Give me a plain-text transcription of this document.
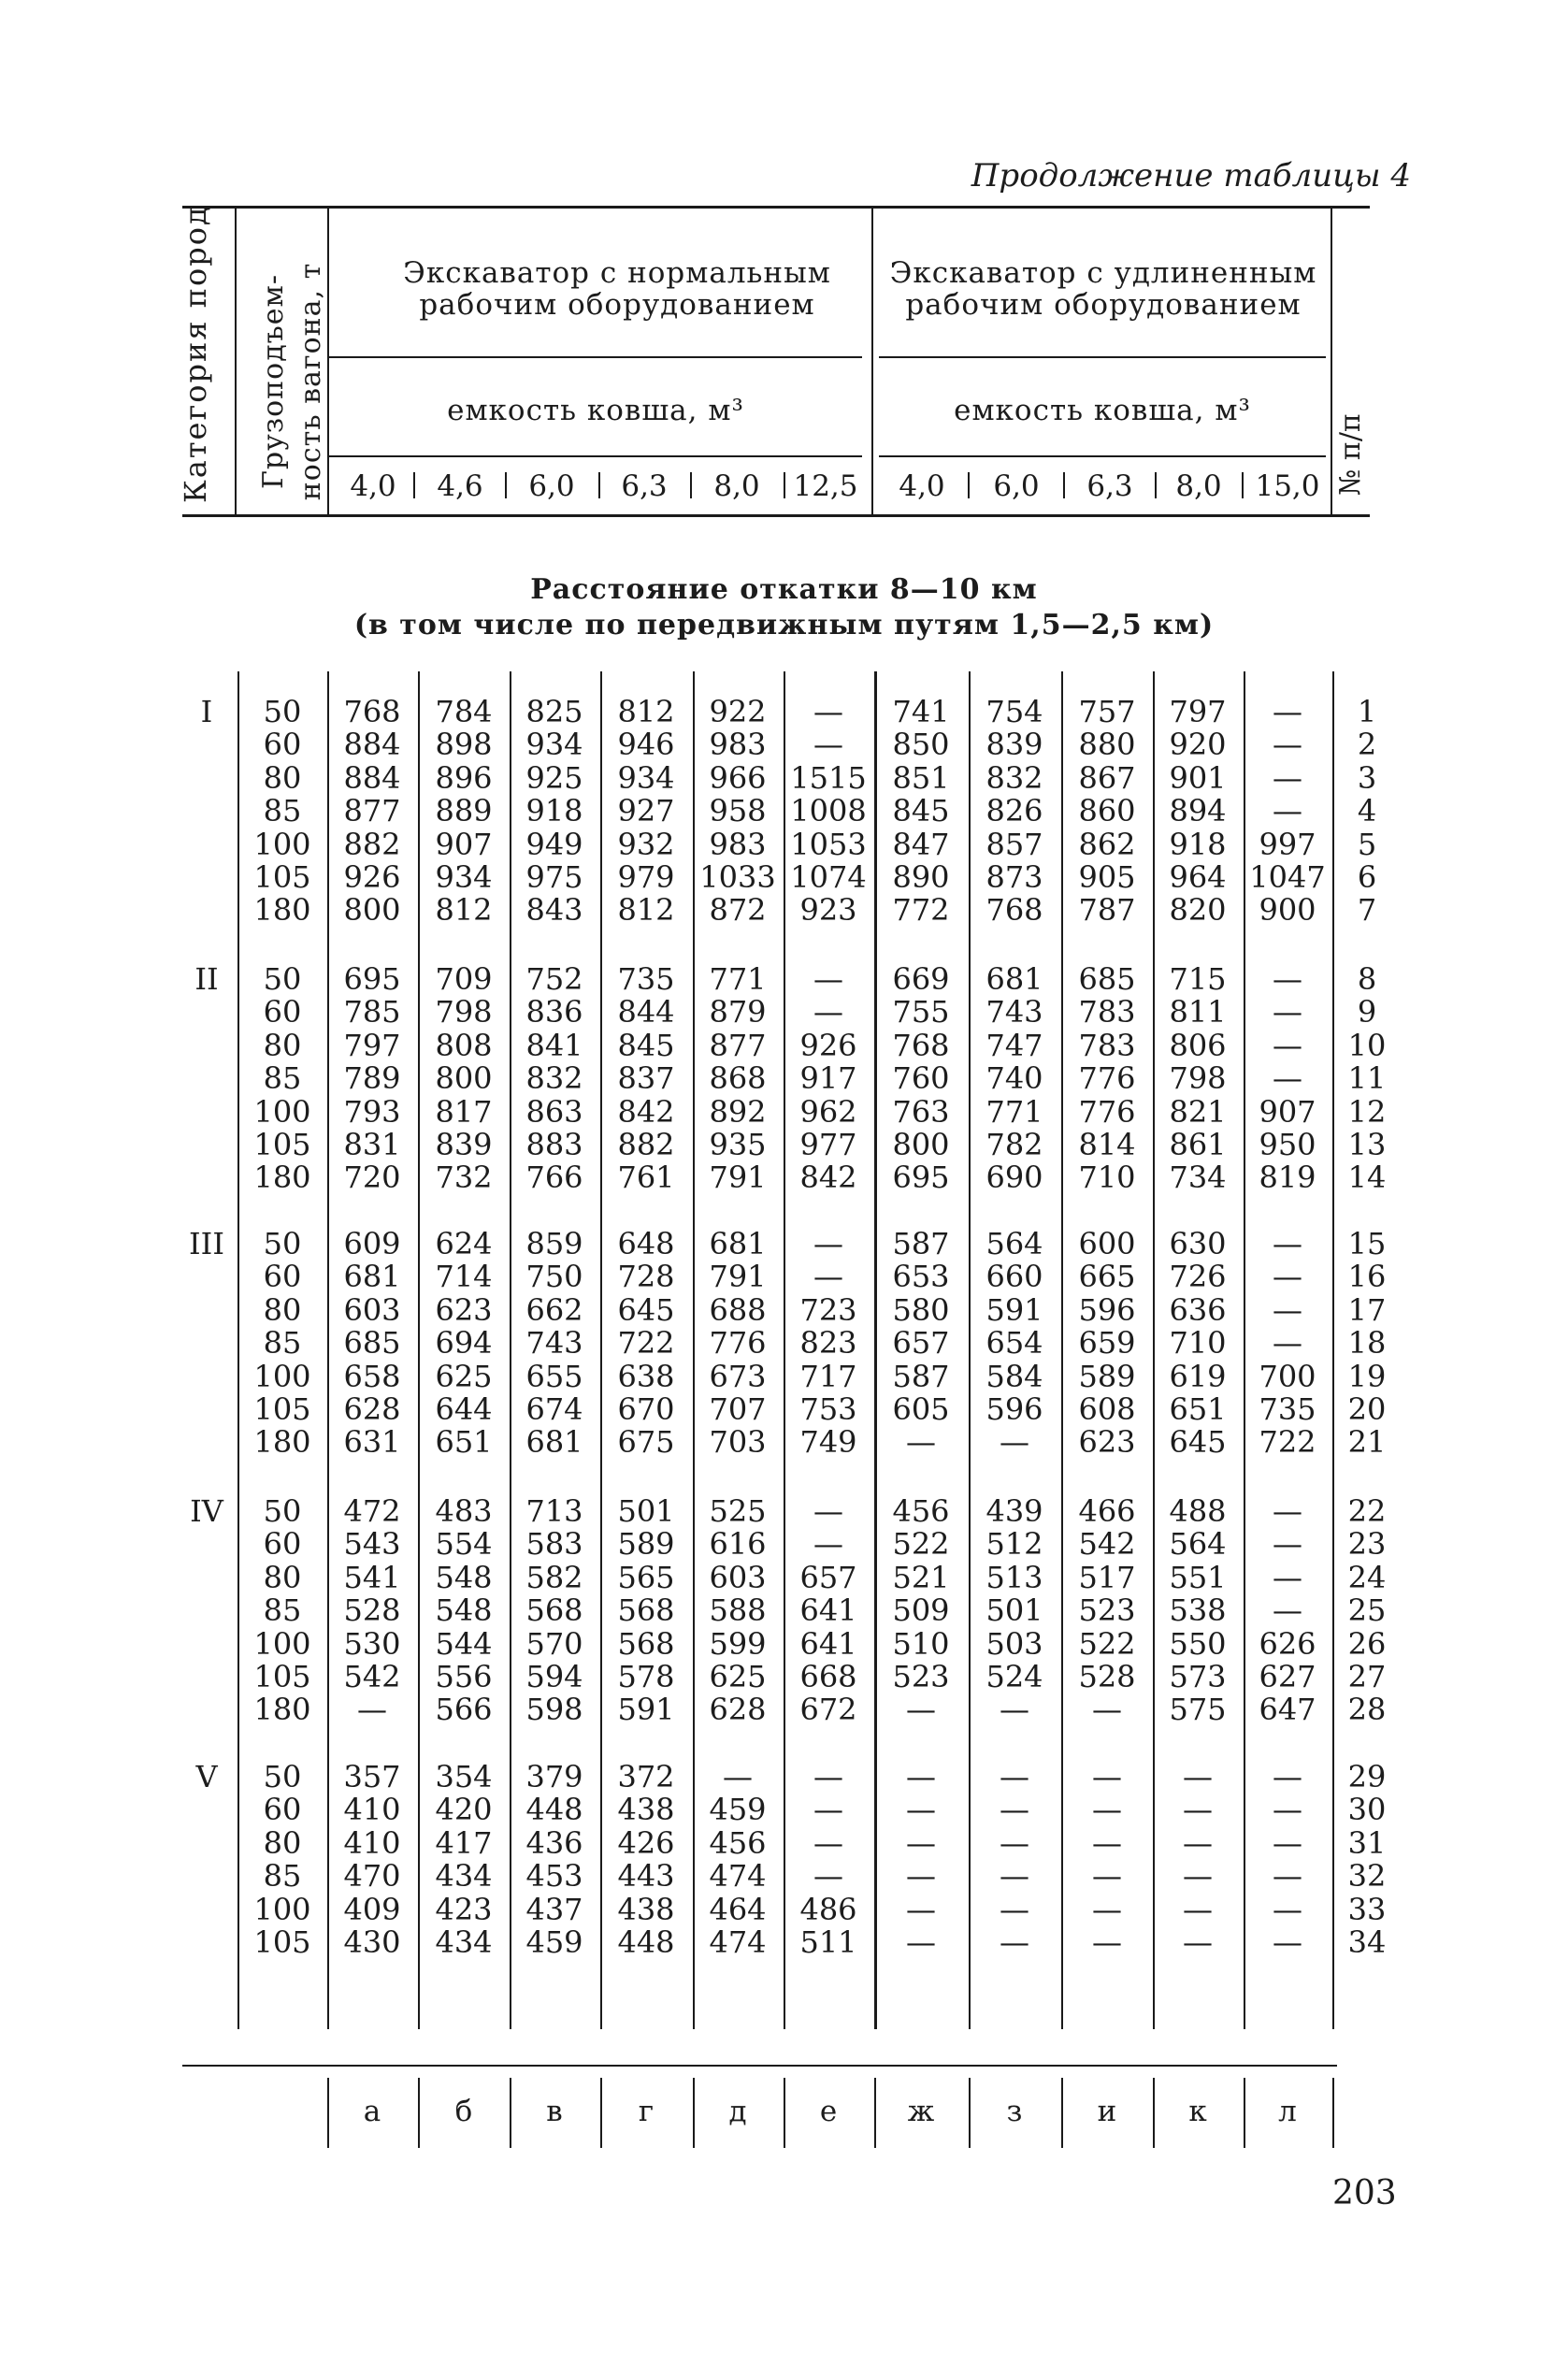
Продолжение таблицы 4
Категория пород Грузоподъем-ность вагона, т	№ п/п
Экскаватор с нормальным рабочим оборудованием
Экскаватор с удлиненным рабочим оборудованием
емкость ковша, м³	емкость ковша, м³
4,0	4,6	6,0	6,3	8,0	12,5	4,0	6,0	6,3	8,0	15,0
Расстояние откатки 8—10 км
(в том числе по передвижным путям 1,5—2,5 км)
I	50	768	784	825	812	922	—	741	754	757	797	—	1
60	884	898	934	946	983	—	850	839	880	920	—	2
80	884	896	925	934	966 1515 851	832	867	901	—	3
85	877	889	918	927	958 1008 845	826	860	894	—	4
100	882	907	949	932	983 1053 847	857	862	918	997	5
105	926	934	975	979 1033 1074 890	873	905	964 1047	6
180	800	812	843	812	872	923	772	768	787	820	900	7
II	50	695	709	752	735	771	—	669	681	685	715	—	8
60	785	798	836	844	879	—	755	743	783	811	—	9
80	797	808	841	845	877	926	768	747	783	806	—	10
85	789	800	832	837	868	917	760	740	776	798	—	11
100	793	817	863	842	892	962	763	771	776	821	907	12
105	831	839	883	882	935	977	800	782	814	861	950	13
180	720	732	766	761	791	842	695	690	710	734	819	14
III	50	609	624	859	648	681	—	587	564	600	630	—	15
60	681	714	750	728	791	—	653	660	665	726	—	16
80	603	623	662	645	688	723	580	591	596	636	—	17
85	685	694	743	722	776	823	657	654	659	710	—	18
100	658	625	655	638	673	717	587	584	589	619	700	19
105	628	644	674	670	707	753	605	596	608	651	735	20
180	631	651	681	675	703	749	—	—	623	645	722	21
IV	50	472	483	713	501	525	—	456	439	466	488	—	22
60	543	554	583	589	616	—	522	512	542	564	—	23
80	541	548	582	565	603	657	521	513	517	551	—	24
85	528	548	568	568	588	641	509	501	523	538	—	25
100	530	544	570	568	599	641	510	503	522	550	626	26
105	542	556	594	578	625	668	523	524	528	573	627	27
180	—	566	598	591	628	672	—	—	—	575	647	28
V	50	357	354	379	372	—	—	—	—	—	—	—	29
60	410	420	448	438	459	—	—	—	—	—	—	30
80	410	417	436	426	456	—	—	—	—	—	—	31
85	470	434	453	443	474	—	—	—	—	—	—	32
100	409	423	437	438	464	486	—	—	—	—	—	33
105	430	434	459	448	474	511	—	—	—	—	—	34
а	б	в	г	д	е	ж	з	и	к	л
203
